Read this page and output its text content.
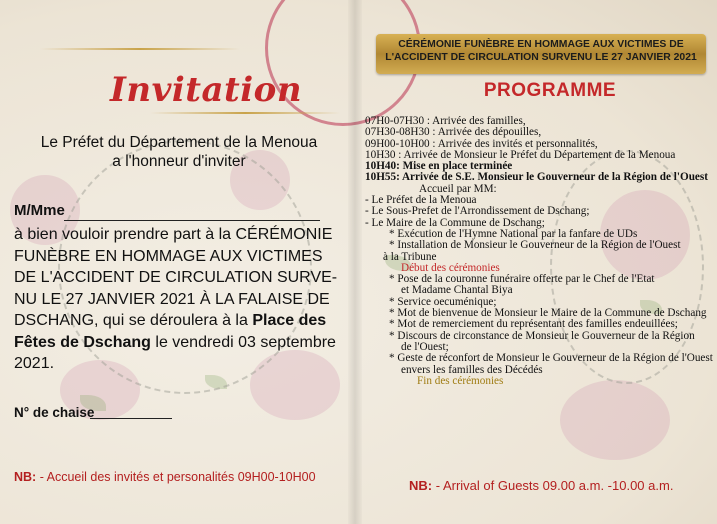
Invitation
Le Préfet du Département de la Menoua
a l'honneur d'inviter
M/Mme
à bien vouloir prendre part à la CÉRÉMONIE
FUNÈBRE EN HOMMAGE AUX VICTIMES
DE L'ACCIDENT DE CIRCULATION SURVE-
NU LE 27 JANVIER 2021 À LA FALAISE DE
DSCHANG, qui se déroulera à la Place des
Fêtes de Dschang le vendredi 03 septembre
2021.
N° de chaise
NB: - Accueil des invités et personalités 09H00-10H00
CÉRÉMONIE FUNÈBRE EN HOMMAGE AUX VICTIMES DE
L'ACCIDENT DE CIRCULATION SURVENU LE 27 JANVIER 2021
PROGRAMME
07H0-07H30 : Arrivée des familles,
07H30-08H30 : Arrivée des dépouilles,
09H00-10H00 : Arrivée des invités et personnalités,
10H30 : Arrivée de Monsieur le Préfet du Département de la Menoua
10H40: Mise en place terminée
10H55: Arrivée de S.E. Monsieur le Gouverneur de la Région de l'Ouest
Accueil par MM:
- Le Préfet de la Menoua
- Le Sous-Prefet de l'Arrondissement de Dschang;
- Le Maire de la Commune de Dschang;
* Exécution de l'Hymne National par la fanfare de UDs
* Installation de Monsieur le Gouverneur de la Région de l'Ouest
à la Tribune
Début des cérémonies
* Pose de la couronne funéraire offerte par le Chef de l'Etat
et Madame Chantal Biya
* Service oecuménique;
* Mot de bienvenue de Monsieur le Maire de la Commune de Dschang
* Mot de remerciement du représentant des familles endeuillées;
* Discours de circonstance de Monsieur le Gouverneur de la Région
de l'Ouest;
* Geste de réconfort de Monsieur le Gouverneur de la Région de l'Ouest
envers les familles des Décédés
Fin des cérémonies
NB: - Arrival of Guests 09.00 a.m. -10.00 a.m.
